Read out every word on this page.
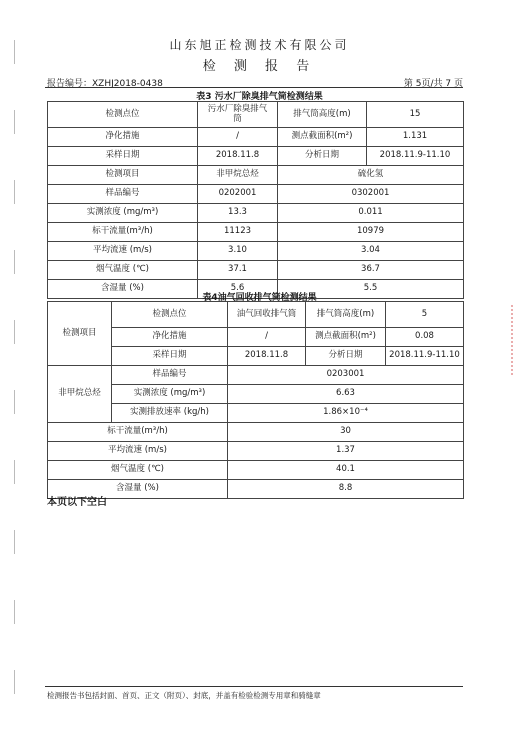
山东旭正检测技术有限公司
检 测 报 告
报告编号：XZHJ2018-0438	第 5页/共 7 页
表3 污水厂除臭排气筒检测结果
检测点位	污水厂除臭排气筒	排气筒高度(m)	15
净化措施	/	测点截面积(m²)	1.131
采样日期	2018.11.8	分析日期	2018.11.9-11.10
检测项目	非甲烷总烃	硫化氢	
样品编号	0202001	0302001	
实测浓度 (mg/m³)	13.3	0.011	
标干流量(m³/h)	11123	10979	
平均流速 (m/s)	3.10	3.04	
烟气温度 (℃)	37.1	36.7	
含湿量 (%)	5.6	5.5	
表4油气回收排气筒检测结果
检测项目	检测点位	油气回收排气筒	排气筒高度(m)	5
	净化措施	/	测点截面积(m²)	0.08
	采样日期	2018.11.8	分析日期	2018.11.9-11.10
非甲烷总烃	样品编号	0203001		
	实测浓度 (mg/m³)	6.63		
	实测排放速率 (kg/h)	1.86×10⁻⁴		
标干流量(m³/h)		30		
平均流速 (m/s)		1.37		
烟气温度 (℃)		40.1		
含湿量 (%)		8.8		
本页以下空白
检测报告书包括封面、首页、正文（附页）、封底，并盖有检验检测专用章和骑缝章
